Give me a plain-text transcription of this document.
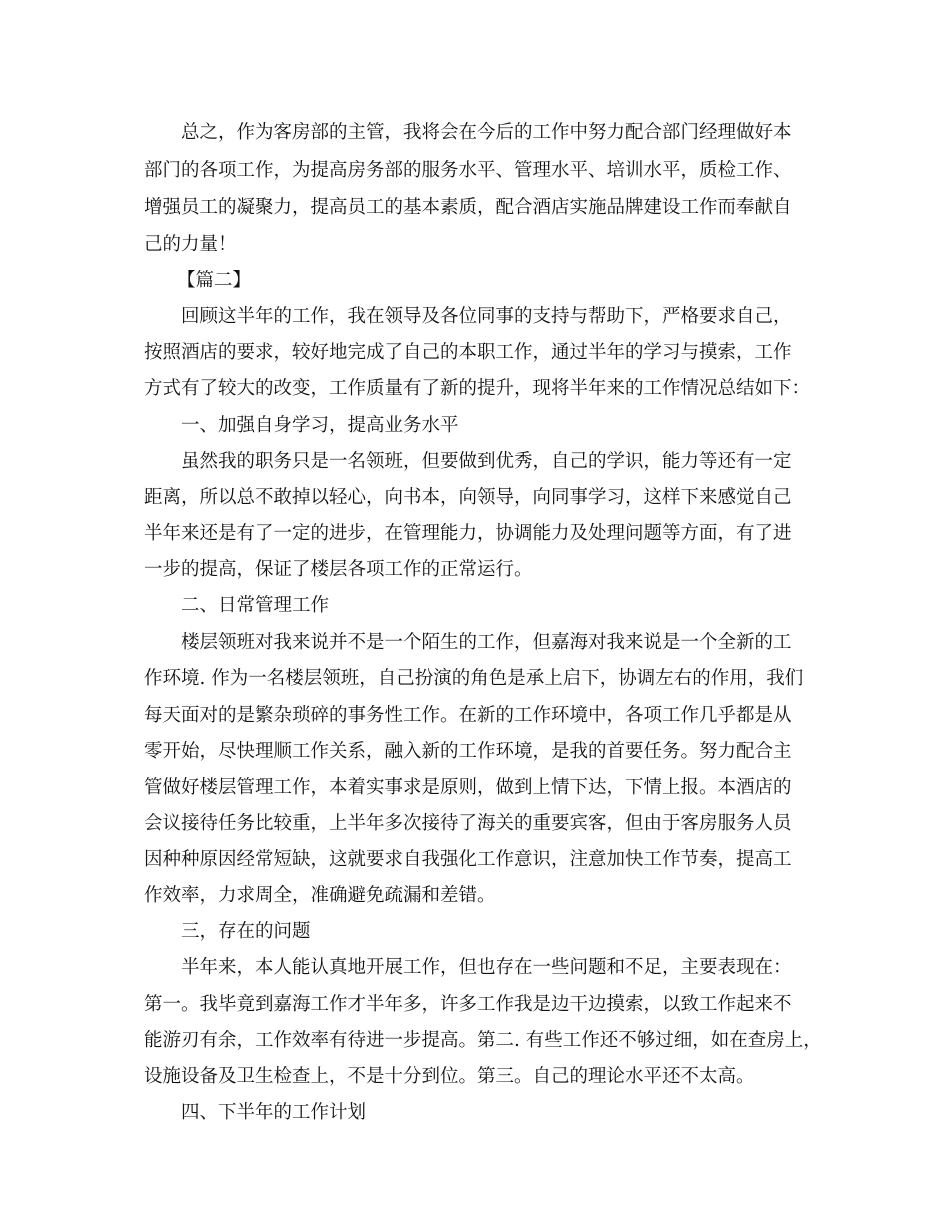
总之，作为客房部的主管，我将会在今后的工作中努力配合部门经理做好本
部门的各项工作，为提高房务部的服务水平、管理水平、培训水平，质检工作、
增强员工的凝聚力，提高员工的基本素质，配合酒店实施品牌建设工作而奉献自
己的力量！
【篇二】
回顾这半年的工作，我在领导及各位同事的支持与帮助下，严格要求自己，
按照酒店的要求，较好地完成了自己的本职工作，通过半年的学习与摸索，工作
方式有了较大的改变，工作质量有了新的提升，现将半年来的工作情况总结如下：
一、加强自身学习，提高业务水平
虽然我的职务只是一名领班，但要做到优秀，自己的学识，能力等还有一定
距离，所以总不敢掉以轻心，向书本，向领导，向同事学习，这样下来感觉自己
半年来还是有了一定的进步，在管理能力，协调能力及处理问题等方面，有了进
一步的提高，保证了楼层各项工作的正常运行。
二、日常管理工作
楼层领班对我来说并不是一个陌生的工作，但嘉海对我来说是一个全新的工
作环境. 作为一名楼层领班，自己扮演的角色是承上启下，协调左右的作用，我们
每天面对的是繁杂琐碎的事务性工作。在新的工作环境中，各项工作几乎都是从
零开始，尽快理顺工作关系，融入新的工作环境，是我的首要任务。努力配合主
管做好楼层管理工作，本着实事求是原则，做到上情下达，下情上报。本酒店的
会议接待任务比较重，上半年多次接待了海关的重要宾客，但由于客房服务人员
因种种原因经常短缺，这就要求自我强化工作意识，注意加快工作节奏，提高工
作效率，力求周全，准确避免疏漏和差错。
三，存在的问题
半年来，本人能认真地开展工作，但也存在一些问题和不足，主要表现在：
第一。我毕竟到嘉海工作才半年多，许多工作我是边干边摸索，以致工作起来不
能游刃有余，工作效率有待进一步提高。第二. 有些工作还不够过细，如在查房上，
设施设备及卫生检查上，不是十分到位。第三。自己的理论水平还不太高。
四、下半年的工作计划
